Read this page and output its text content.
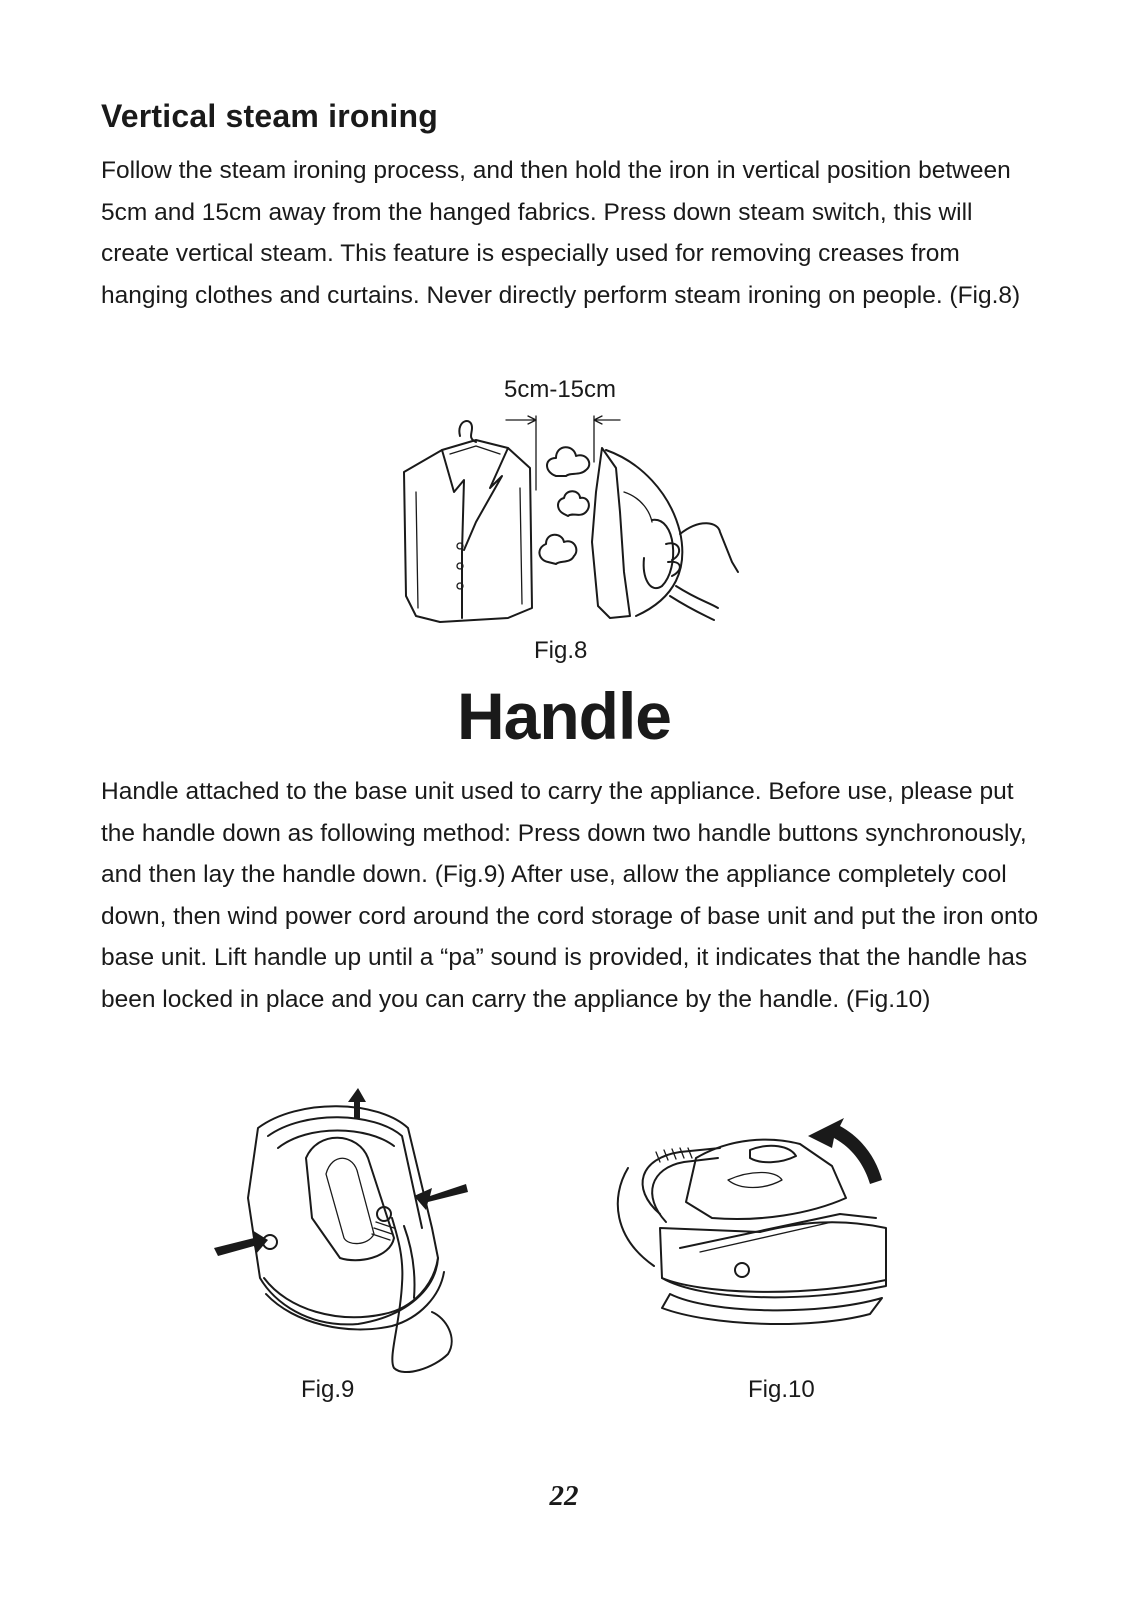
Vertical steam ironing

Follow the steam ironing process, and then hold the iron in vertical position between 5cm and 15cm away from the hanged fabrics. Press down steam switch, this will create vertical steam. This feature is especially used for removing creases from hanging clothes and curtains. Never directly perform steam ironing on people. (Fig.8)

5cm-15cm
Fig.8
Handle

Handle attached to the base unit used to carry the appliance. Before use, please put the handle down as following method: Press down two handle buttons synchronously, and then lay the handle down. (Fig.9) After use, allow the appliance completely cool down, then wind power cord around the cord storage of base unit and put the iron onto base unit. Lift handle up until a “pa” sound is provided, it indicates that the handle has been locked in place and you can carry the appliance by the handle. (Fig.10)

Fig.9	Fig.10
22
